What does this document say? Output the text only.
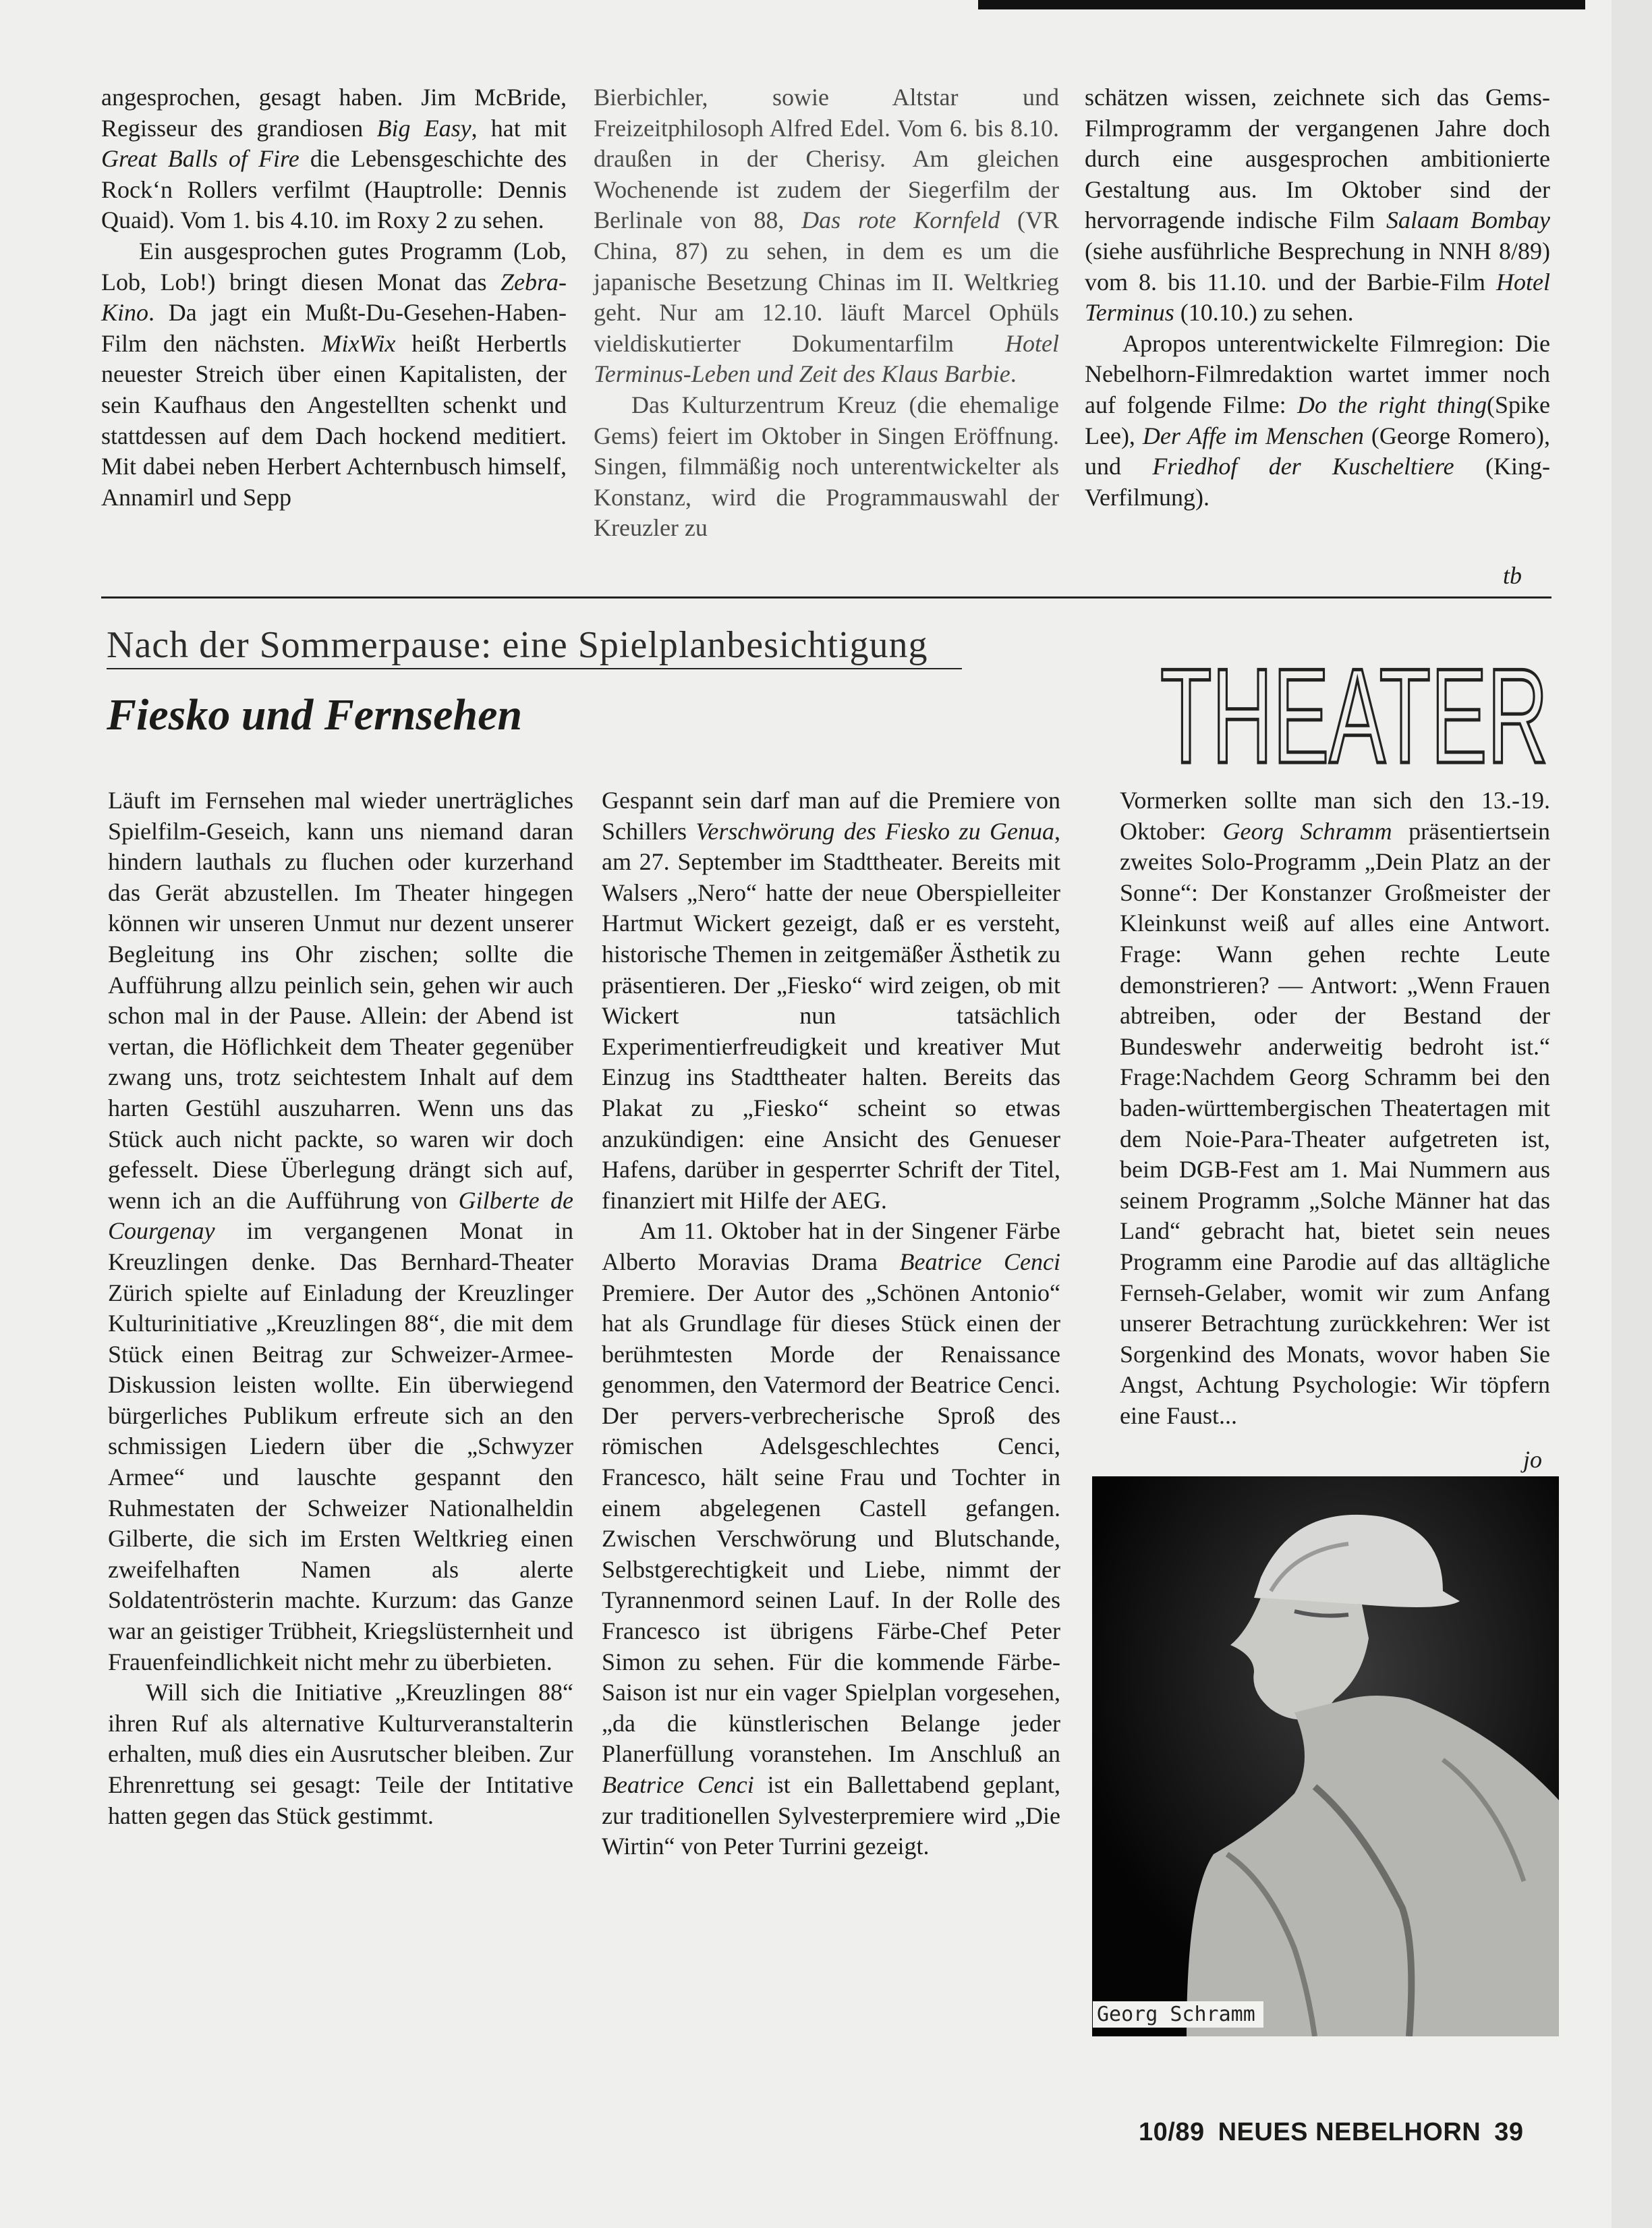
angesprochen, gesagt haben. Jim McBride, Regisseur des grandiosen Big Easy, hat mit Great Balls of Fire die Lebensgeschichte des Rock‘n Rollers verfilmt (Hauptrolle: Dennis Quaid). Vom 1. bis 4.10. im Roxy 2 zu sehen.

Ein ausgesprochen gutes Programm (Lob, Lob, Lob!) bringt diesen Monat das Zebra-Kino. Da jagt ein Mußt-Du-Gesehen-Haben-Film den nächsten. MixWix heißt Herbertls neuester Streich über einen Kapitalisten, der sein Kaufhaus den Angestellten schenkt und stattdessen auf dem Dach hockend meditiert. Mit dabei neben Herbert Achternbusch himself, Annamirl und Sepp

Bierbichler, sowie Altstar und Freizeitphilosoph Alfred Edel. Vom 6. bis 8.10. draußen in der Cherisy. Am gleichen Wochenende ist zudem der Siegerfilm der Berlinale von 88, Das rote Kornfeld (VR China, 87) zu sehen, in dem es um die japanische Besetzung Chinas im II. Weltkrieg geht. Nur am 12.10. läuft Marcel Ophüls vieldiskutierter Dokumentarfilm Hotel Terminus-Leben und Zeit des Klaus Barbie.

Das Kulturzentrum Kreuz (die ehemalige Gems) feiert im Oktober in Singen Eröffnung. Singen, filmmäßig noch unterentwickelter als Konstanz, wird die Programmauswahl der Kreuzler zu

schätzen wissen, zeichnete sich das Gems-Filmprogramm der vergangenen Jahre doch durch eine ausgesprochen ambitionierte Gestaltung aus. Im Oktober sind der hervorragende indische Film Salaam Bombay (siehe ausführliche Besprechung in NNH 8/89) vom 8. bis 11.10. und der Barbie-Film Hotel Terminus (10.10.) zu sehen.

Apropos unterentwickelte Filmregion: Die Nebelhorn-Filmredaktion wartet immer noch auf folgende Filme: Do the right thing(Spike Lee), Der Affe im Menschen (George Romero), und Friedhof der Kuscheltiere (King-Verfilmung).

tb
Nach der Sommerpause: eine Spielplanbesichtigung
Fiesko und Fernsehen	THEATER

Läuft im Fernsehen mal wieder unerträgliches Spielfilm-Geseich, kann uns niemand daran hindern lauthals zu fluchen oder kurzerhand das Gerät abzustellen. Im Theater hingegen können wir unseren Unmut nur dezent unserer Begleitung ins Ohr zischen; sollte die Aufführung allzu peinlich sein, gehen wir auch schon mal in der Pause. Allein: der Abend ist vertan, die Höflichkeit dem Theater gegenüber zwang uns, trotz seichtestem Inhalt auf dem harten Gestühl auszuharren. Wenn uns das Stück auch nicht packte, so waren wir doch gefesselt. Diese Überlegung drängt sich auf, wenn ich an die Aufführung von Gilberte de Courgenay im vergangenen Monat in Kreuzlingen denke. Das Bernhard-Theater Zürich spielte auf Einladung der Kreuzlinger Kulturinitiative „Kreuzlingen 88“, die mit dem Stück einen Beitrag zur Schweizer-Armee-Diskussion leisten wollte. Ein überwiegend bürgerliches Publikum erfreute sich an den schmissigen Liedern über die „Schwyzer Armee“ und lauschte gespannt den Ruhmestaten der Schweizer Nationalheldin Gilberte, die sich im Ersten Weltkrieg einen zweifelhaften Namen als alerte Soldatentrösterin machte. Kurzum: das Ganze war an geistiger Trübheit, Kriegslüsternheit und Frauenfeindlichkeit nicht mehr zu überbieten.

Will sich die Initiative „Kreuzlingen 88“ ihren Ruf als alternative Kulturveranstalterin erhalten, muß dies ein Ausrutscher bleiben. Zur Ehrenrettung sei gesagt: Teile der Intitative hatten gegen das Stück gestimmt.

Gespannt sein darf man auf die Premiere von Schillers Verschwörung des Fiesko zu Genua, am 27. September im Stadttheater. Bereits mit Walsers „Nero“ hatte der neue Oberspielleiter Hartmut Wickert gezeigt, daß er es versteht, historische Themen in zeitgemäßer Ästhetik zu präsentieren. Der „Fiesko“ wird zeigen, ob mit Wickert nun tatsächlich Experimentierfreudigkeit und kreativer Mut Einzug ins Stadttheater halten. Bereits das Plakat zu „Fiesko“ scheint so etwas anzukündigen: eine Ansicht des Genueser Hafens, darüber in gesperrter Schrift der Titel, finanziert mit Hilfe der AEG.

Am 11. Oktober hat in der Singener Färbe Alberto Moravias Drama Beatrice Cenci Premiere. Der Autor des „Schönen Antonio“ hat als Grundlage für dieses Stück einen der berühmtesten Morde der Renaissance genommen, den Vatermord der Beatrice Cenci. Der pervers-verbrecherische Sproß des römischen Adelsgeschlechtes Cenci, Francesco, hält seine Frau und Tochter in einem abgelegenen Castell gefangen. Zwischen Verschwörung und Blutschande, Selbstgerechtigkeit und Liebe, nimmt der Tyrannenmord seinen Lauf. In der Rolle des Francesco ist übrigens Färbe-Chef Peter Simon zu sehen. Für die kommende Färbe-Saison ist nur ein vager Spielplan vorgesehen, „da die künstlerischen Belange jeder Planerfüllung voranstehen. Im Anschluß an Beatrice Cenci ist ein Ballettabend geplant, zur traditionellen Sylvesterpremiere wird „Die Wirtin“ von Peter Turrini gezeigt.

Vormerken sollte man sich den 13.-19. Oktober: Georg Schramm präsentiertsein zweites Solo-Programm „Dein Platz an der Sonne“: Der Konstanzer Großmeister der Kleinkunst weiß auf alles eine Antwort. Frage: Wann gehen rechte Leute demonstrieren? — Antwort: „Wenn Frauen abtreiben, oder der Bestand der Bundeswehr anderweitig bedroht ist.“ Frage:Nachdem Georg Schramm bei den baden-württembergischen Theatertagen mit dem Noie-Para-Theater aufgetreten ist, beim DGB-Fest am 1. Mai Nummern aus seinem Programm „Solche Männer hat das Land“ gebracht hat, bietet sein neues Programm eine Parodie auf das alltägliche Fernseh-Gelaber, womit wir zum Anfang unserer Betrachtung zurückkehren: Wer ist Sorgenkind des Monats, wovor haben Sie Angst, Achtung Psychologie: Wir töpfern eine Faust...

jo
Georg Schramm
10/89 NEUES NEBELHORN 39
